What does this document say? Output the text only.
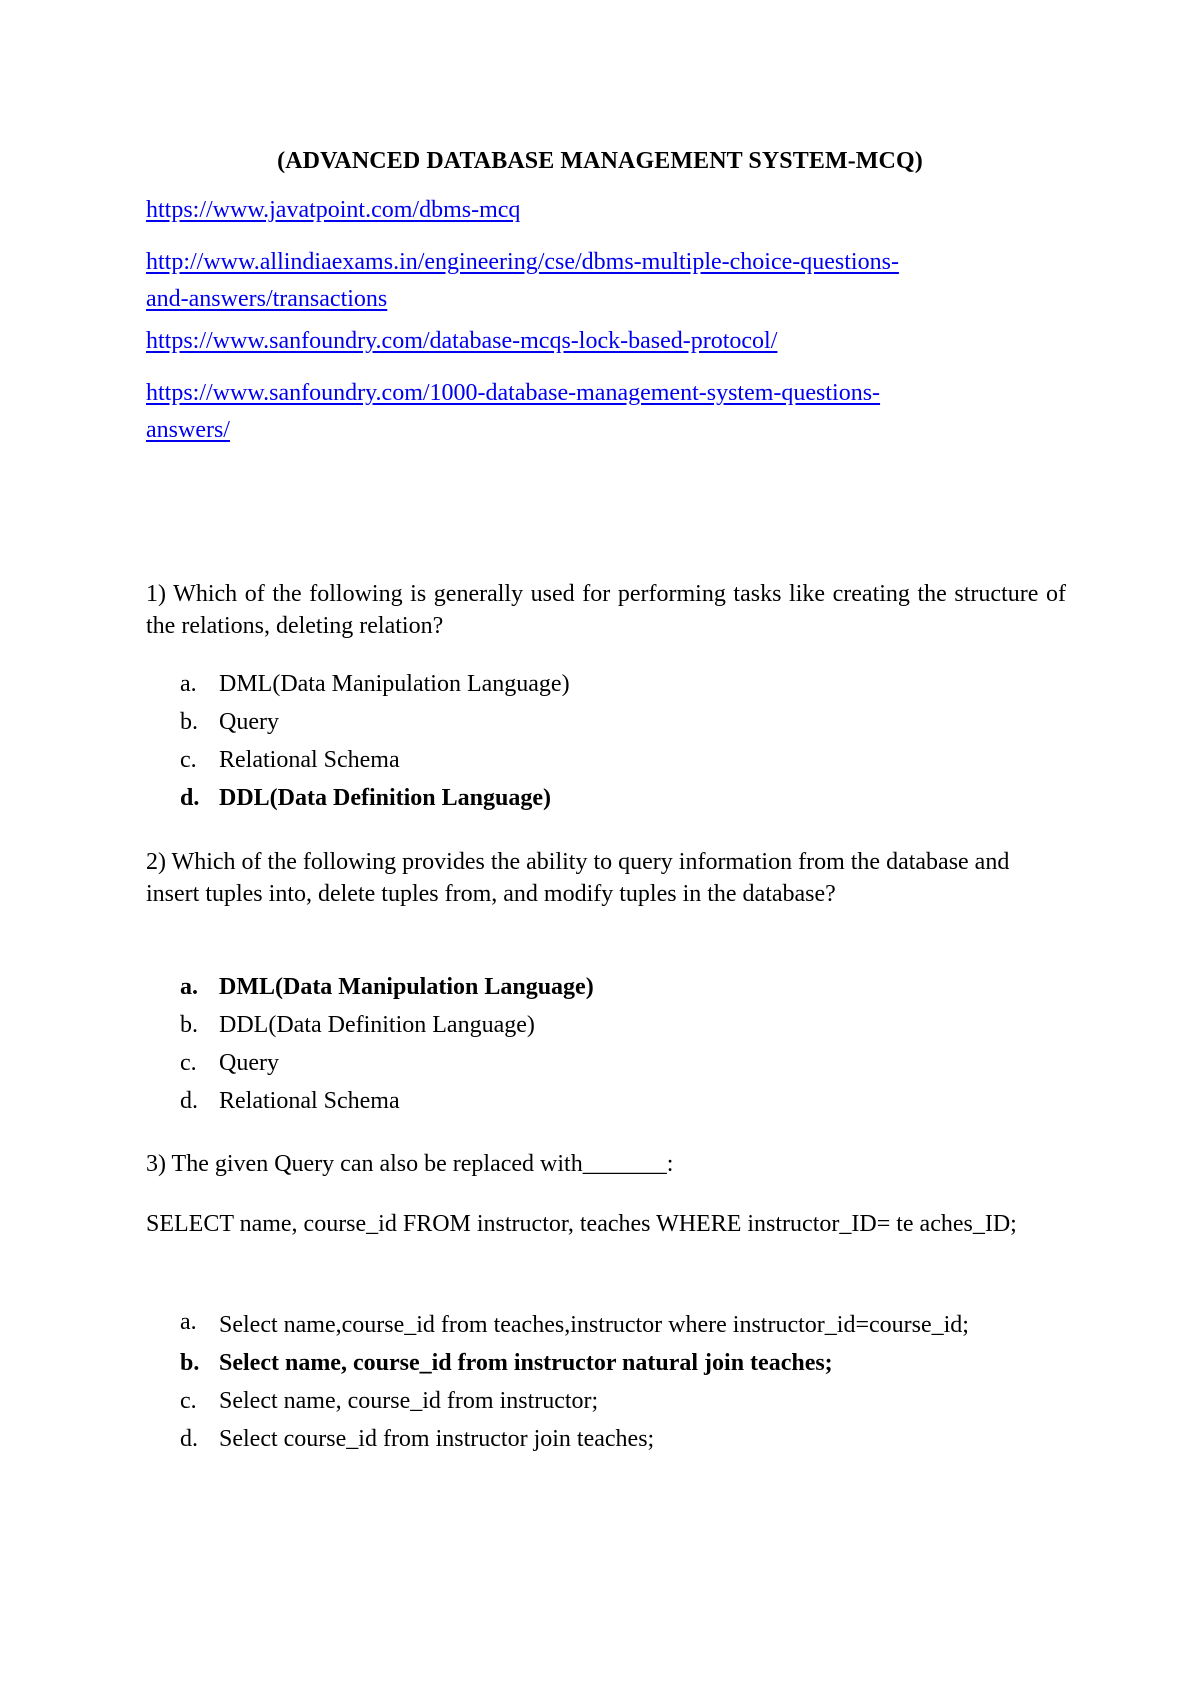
(ADVANCED DATABASE MANAGEMENT SYSTEM-MCQ)
https://www.javatpoint.com/dbms-mcq
http://www.allindiaexams.in/engineering/cse/dbms-multiple-choice-questions-
and-answers/transactions
https://www.sanfoundry.com/database-mcqs-lock-based-protocol/
https://www.sanfoundry.com/1000-database-management-system-questions-
answers/
1) Which of the following is generally used for performing tasks like creating the structure of the relations, deleting relation?
a. DML(Data Manipulation Language)
b. Query
c. Relational Schema
d. DDL(Data Definition Language)
2) Which of the following provides the ability to query information from the database and insert tuples into, delete tuples from, and modify tuples in the database?
a. DML(Data Manipulation Language)
b. DDL(Data Definition Language)
c. Query
d. Relational Schema
3) The given Query can also be replaced with_______:
SELECT name, course_id FROM instructor, teaches WHERE instructor_ID= te aches_ID;
a. Select name,course_id from teaches,instructor where instructor_id=course_id;
b. Select name, course_id from instructor natural join teaches;
c. Select name, course_id from instructor;
d. Select course_id from instructor join teaches;
